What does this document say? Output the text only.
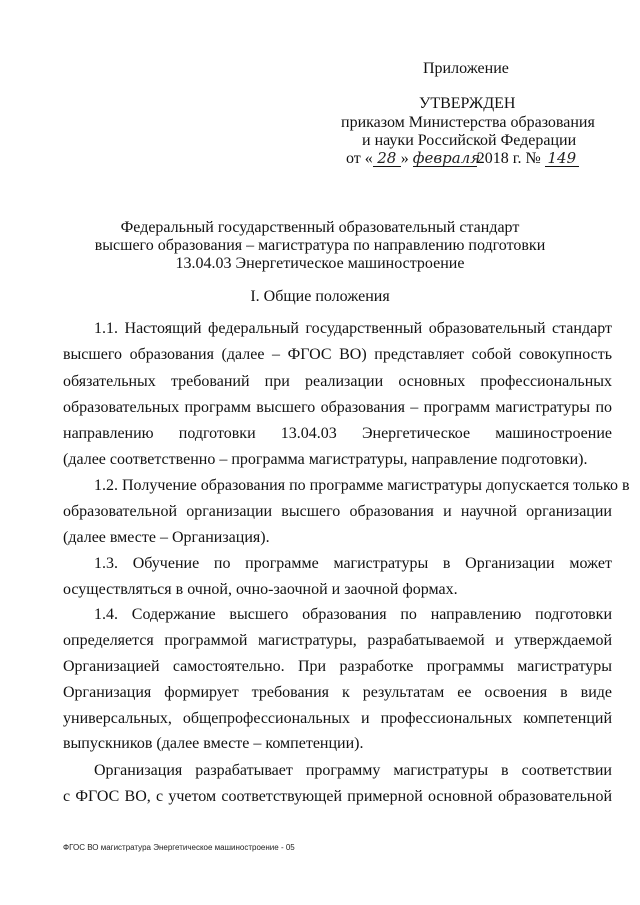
Приложение
УТВЕРЖДЕН
приказом Министерства образования
и науки Российской Федерации
от « 28 » февраля2018 г. № 149
Федеральный государственный образовательный стандарт
высшего образования – магистратура по направлению подготовки
13.04.03 Энергетическое машиностроение
I. Общие положения
1.1. Настоящий федеральный государственный образовательный стандарт
высшего образования (далее – ФГОС ВО) представляет собой совокупность
обязательных требований при реализации основных профессиональных
образовательных программ высшего образования – программ магистратуры по
направлению подготовки 13.04.03 Энергетическое машиностроение
(далее соответственно – программа магистратуры, направление подготовки).
1.2. Получение образования по программе магистратуры допускается только в
образовательной организации высшего образования и научной организации
(далее вместе – Организация).
1.3. Обучение по программе магистратуры в Организации может
осуществляться в очной, очно-заочной и заочной формах.
1.4. Содержание высшего образования по направлению подготовки
определяется программой магистратуры, разрабатываемой и утверждаемой
Организацией самостоятельно. При разработке программы магистратуры
Организация формирует требования к результатам ее освоения в виде
универсальных, общепрофессиональных и профессиональных компетенций
выпускников (далее вместе – компетенции).
Организация разрабатывает программу магистратуры в соответствии
с ФГОС ВО, с учетом соответствующей примерной основной образовательной
ФГОС ВО магистратура Энергетическое машиностроение - 05
